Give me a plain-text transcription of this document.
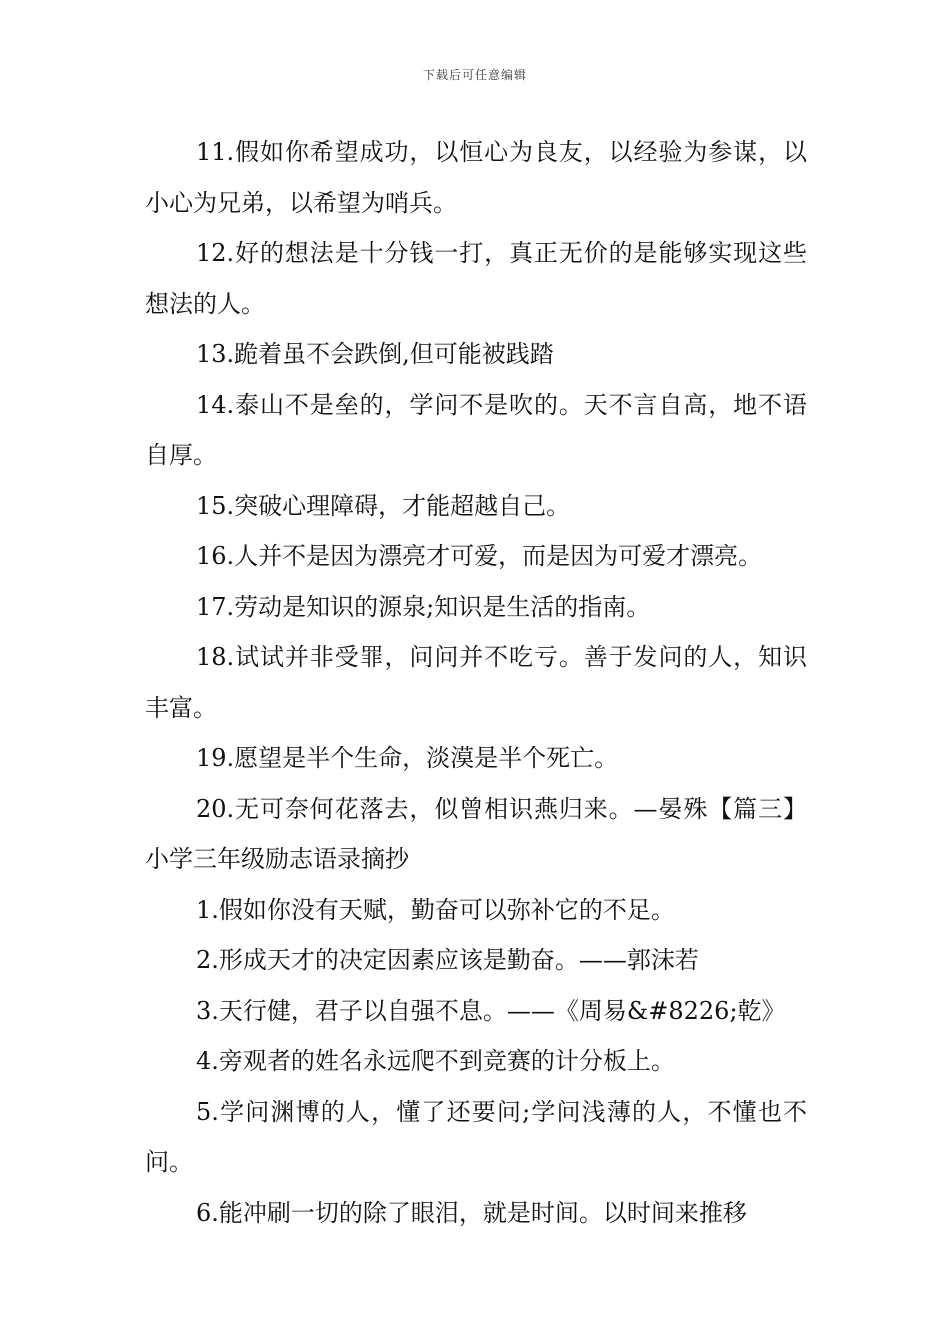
下载后可任意编辑

11.假如你希望成功，以恒心为良友，以经验为参谋，以小心为兄弟，以希望为哨兵。

12.好的想法是十分钱一打，真正无价的是能够实现这些想法的人。

13.跪着虽不会跌倒,但可能被践踏

14.泰山不是垒的，学问不是吹的。天不言自高，地不语自厚。

15.突破心理障碍，才能超越自己。

16.人并不是因为漂亮才可爱，而是因为可爱才漂亮。

17.劳动是知识的源泉;知识是生活的指南。

18.试试并非受罪，问问并不吃亏。善于发问的人，知识丰富。

19.愿望是半个生命，淡漠是半个死亡。

20.无可奈何花落去，似曾相识燕归来。—晏殊【篇三】小学三年级励志语录摘抄

1.假如你没有天赋，勤奋可以弥补它的不足。

2.形成天才的决定因素应该是勤奋。——郭沫若

3.天行健，君子以自强不息。——《周易&#8226;乾》

4.旁观者的姓名永远爬不到竞赛的计分板上。

5.学问渊博的人，懂了还要问;学问浅薄的人，不懂也不问。

6.能冲刷一切的除了眼泪，就是时间。以时间来推移
